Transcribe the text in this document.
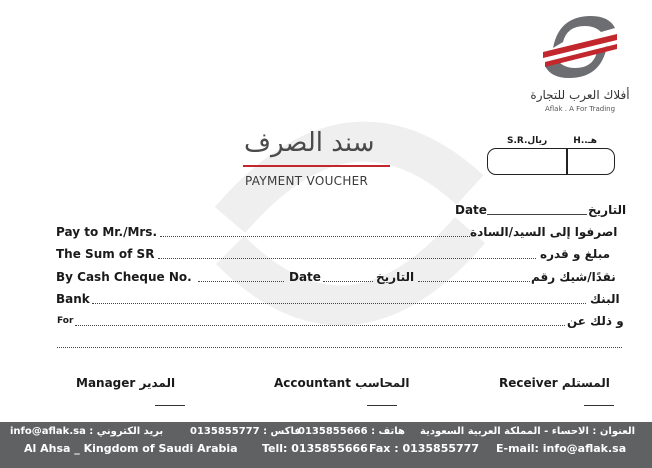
أفلاك العرب للتجارة
Aflak . A For Trading
سند الصرف
PAYMENT VOUCHER
S.R.ريال	H..هـ
Date	التاريخ
Pay to Mr./Mrs.	اصرفوا إلى السيد/السادة
The Sum of SR	مبلغ و قدره
By Cash Cheque No.	Date	التاريخ	نقدًا/شيك رقم
Bank	البنك
For	و ذلك عن
Manager المدير	Accountant المحاسب	Receiver المستلم
info@aflak.sa : بريد الكتروني	فاكس : 0135855777
هاتف : 0135855666 العنوان : الاحساء - المملكة العربية السعودية
Al Ahsa _ Kingdom of Saudi Arabia Tell: 0135855666 Fax : 0135855777 E-mail: info@aflak.sa
